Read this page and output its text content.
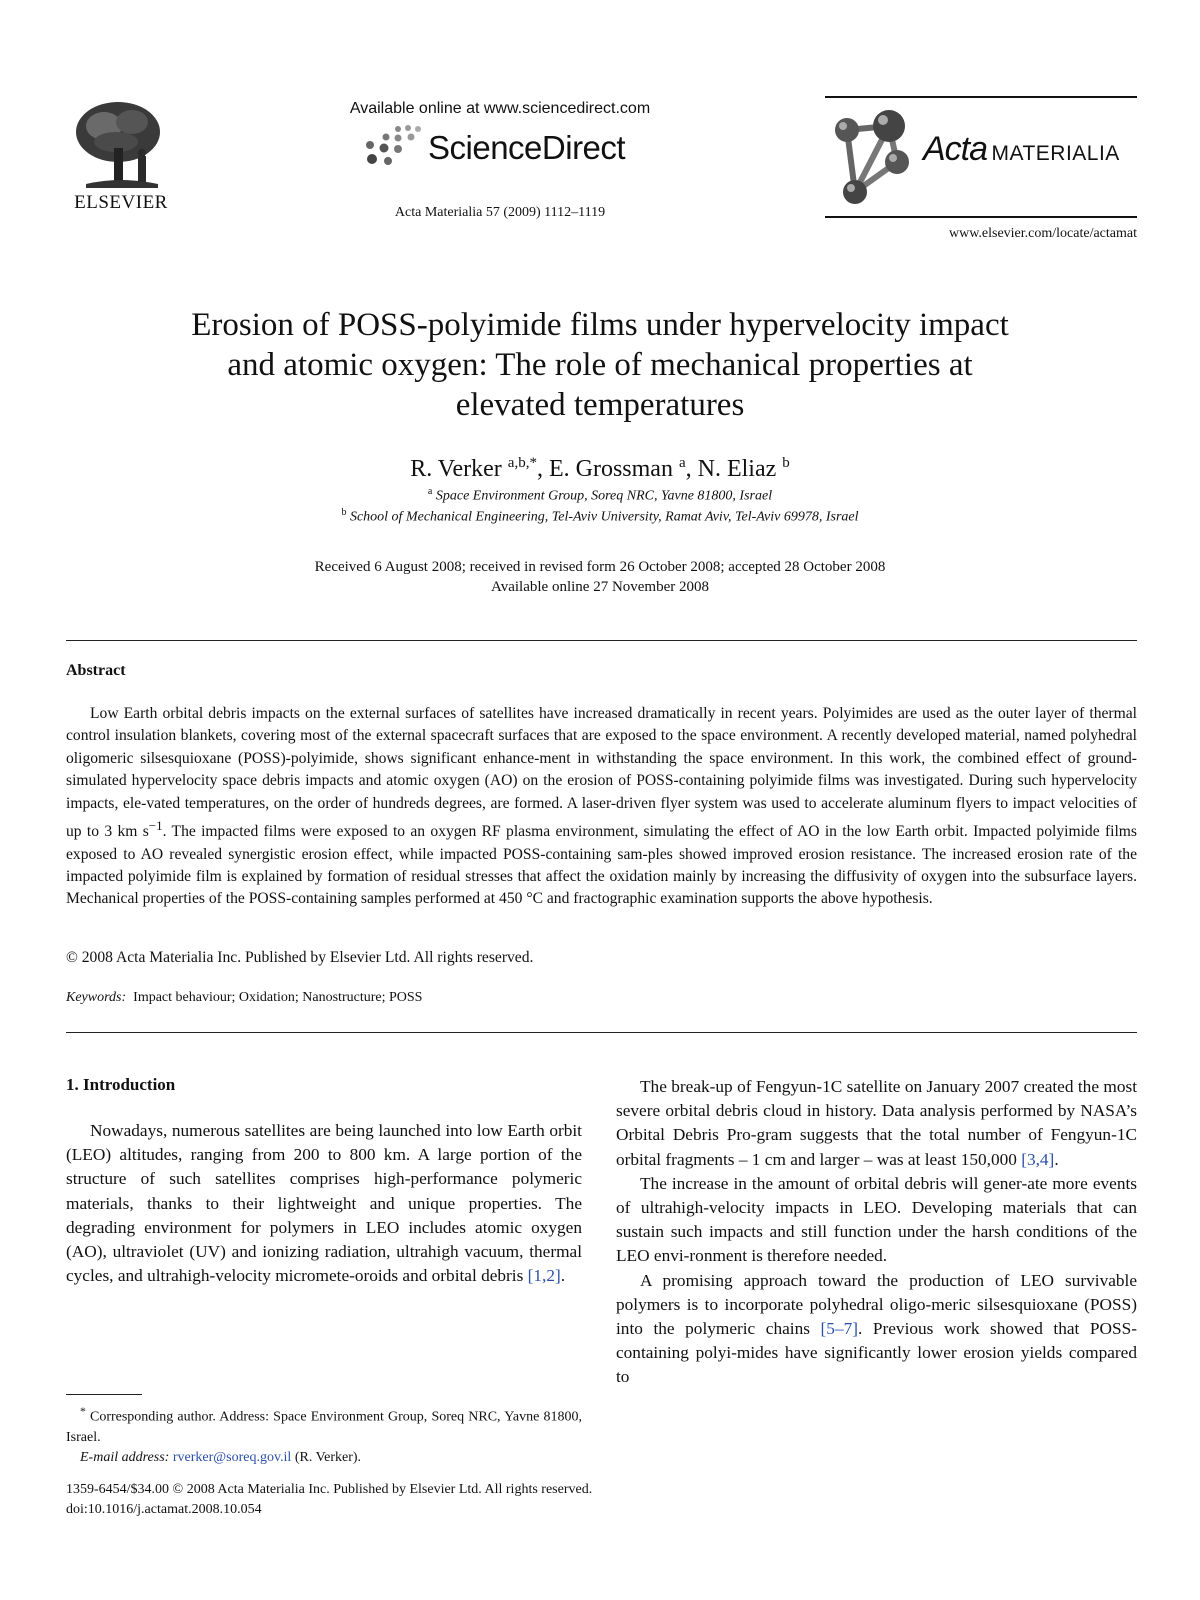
ELSEVIER
Available online at www.sciencedirect.com
ScienceDirect
Acta Materialia 57 (2009) 1112–1119
Acta MATERIALIA
www.elsevier.com/locate/actamat
Erosion of POSS-polyimide films under hypervelocity impact
and atomic oxygen: The role of mechanical properties at
elevated temperatures
R. Verker $^{a,b,*}$, E. Grossman $^a$, N. Eliaz $^b$
$^a$ Space Environment Group, Soreq NRC, Yavne 81800, Israel
$^b$ School of Mechanical Engineering, Tel-Aviv University, Ramat Aviv, Tel-Aviv 69978, Israel
Received 6 August 2008; received in revised form 26 October 2008; accepted 28 October 2008
Available online 27 November 2008
Abstract

Low Earth orbital debris impacts on the external surfaces of satellites have increased dramatically in recent years. Polyimides are used as the outer layer of thermal control insulation blankets, covering most of the external spacecraft surfaces that are exposed to the space environment. A recently developed material, named polyhedral oligomeric silsesquioxane (POSS)-polyimide, shows significant enhance-ment in withstanding the space environment. In this work, the combined effect of ground-simulated hypervelocity space debris impacts and atomic oxygen (AO) on the erosion of POSS-containing polyimide films was investigated. During such hypervelocity impacts, ele-vated temperatures, on the order of hundreds degrees, are formed. A laser-driven flyer system was used to accelerate aluminum flyers to impact velocities of up to 3 km $s^{-1}$. The impacted films were exposed to an oxygen RF plasma environment, simulating the effect of AO in the low Earth orbit. Impacted polyimide films exposed to AO revealed synergistic erosion effect, while impacted POSS-containing sam-ples showed improved erosion resistance. The increased erosion rate of the impacted polyimide film is explained by formation of residual stresses that affect the oxidation mainly by increasing the diffusivity of oxygen into the subsurface layers. Mechanical properties of the POSS-containing samples performed at 450 °C and fractographic examination supports the above hypothesis.

© 2008 Acta Materialia Inc. Published by Elsevier Ltd. All rights reserved.
Keywords: Impact behaviour; Oxidation; Nanostructure; POSS
1. Introduction

Nowadays, numerous satellites are being launched into low Earth orbit (LEO) altitudes, ranging from 200 to 800 km. A large portion of the structure of such satellites comprises high-performance polymeric materials, thanks to their lightweight and unique properties. The degrading environment for polymers in LEO includes atomic oxygen (AO), ultraviolet (UV) and ionizing radiation, ultrahigh vacuum, thermal cycles, and ultrahigh-velocity micromete-oroids and orbital debris [1,2].

The break-up of Fengyun-1C satellite on January 2007 created the most severe orbital debris cloud in history. Data analysis performed by NASA’s Orbital Debris Pro-gram suggests that the total number of Fengyun-1C orbital fragments – 1 cm and larger – was at least 150,000 [3,4].

The increase in the amount of orbital debris will gener-ate more events of ultrahigh-velocity impacts in LEO. Developing materials that can sustain such impacts and still function under the harsh conditions of the LEO envi-ronment is therefore needed.

A promising approach toward the production of LEO survivable polymers is to incorporate polyhedral oligo-meric silsesquioxane (POSS) into the polymeric chains [5–7]. Previous work showed that POSS-containing polyi-mides have significantly lower erosion yields compared to

* Corresponding author. Address: Space Environment Group, Soreq NRC, Yavne 81800, Israel.

E-mail address: rverker@soreq.gov.il (R. Verker).

1359-6454/$34.00 © 2008 Acta Materialia Inc. Published by Elsevier Ltd. All rights reserved.
doi:10.1016/j.actamat.2008.10.054
